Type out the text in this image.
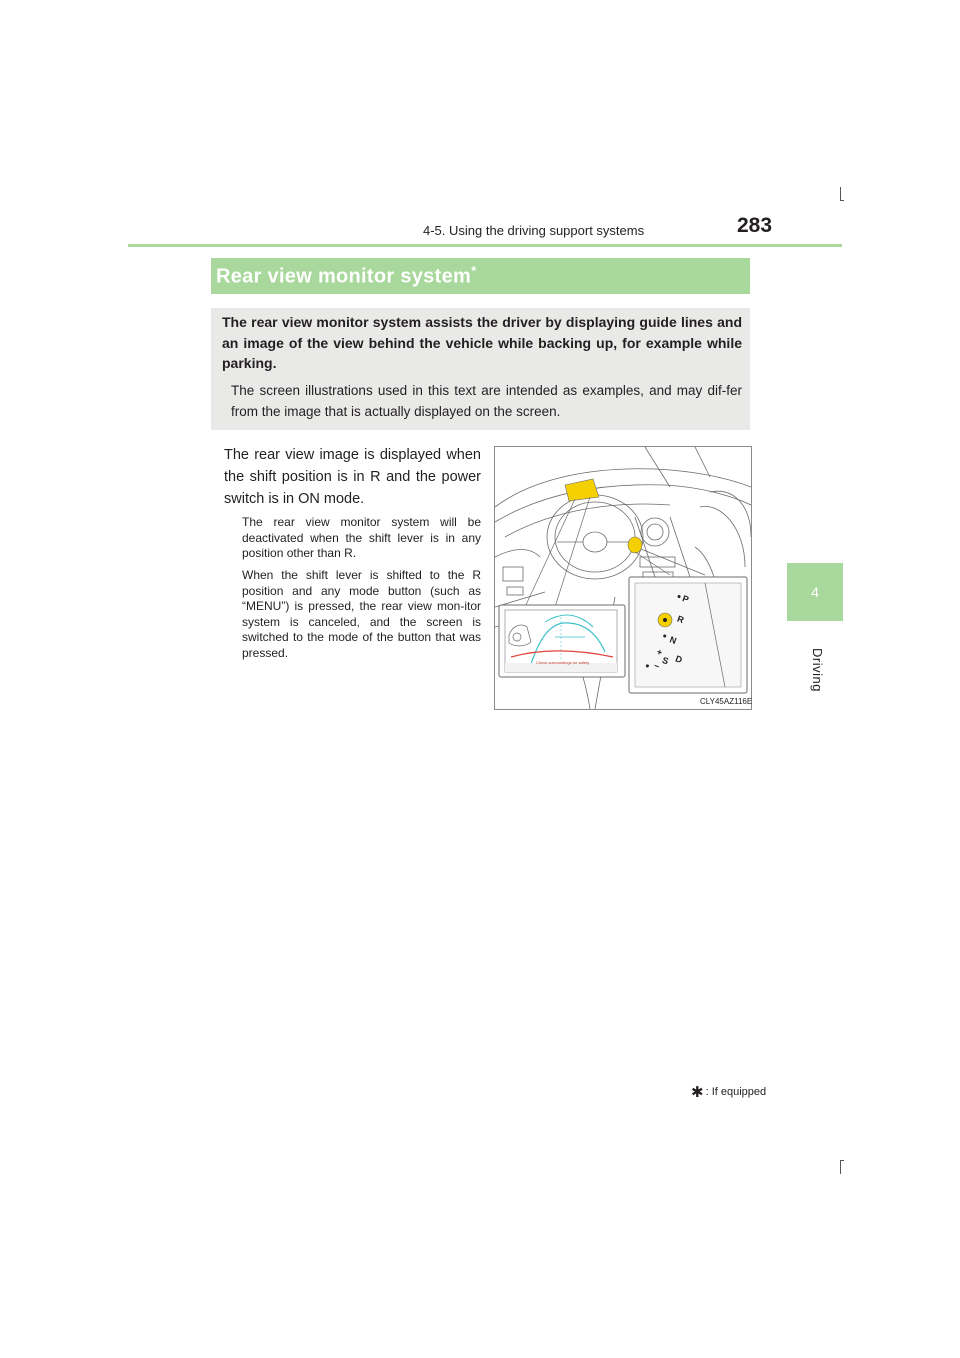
4-5. Using the driving support systems	283
4
Driving
Rear view monitor system*
The rear view monitor system assists the driver by displaying guide lines and an image of the view behind the vehicle while backing up, for example while parking.
The screen illustrations used in this text are intended as examples, and may dif-fer from the image that is actually displayed on the screen.
The rear view image is displayed when the shift position is in R and the power switch is in ON mode.
The rear view monitor system will be deactivated when the shift lever is in any position other than R.
When the shift lever is shifted to the R position and any mode button (such as “MENU”) is pressed, the rear view mon-itor system is canceled, and the screen is switched to the mode of the button that was pressed.
P
R
N
D
S
+
−
Check surroundings for safety.
CLY45AZ116E
✱ : If equipped
